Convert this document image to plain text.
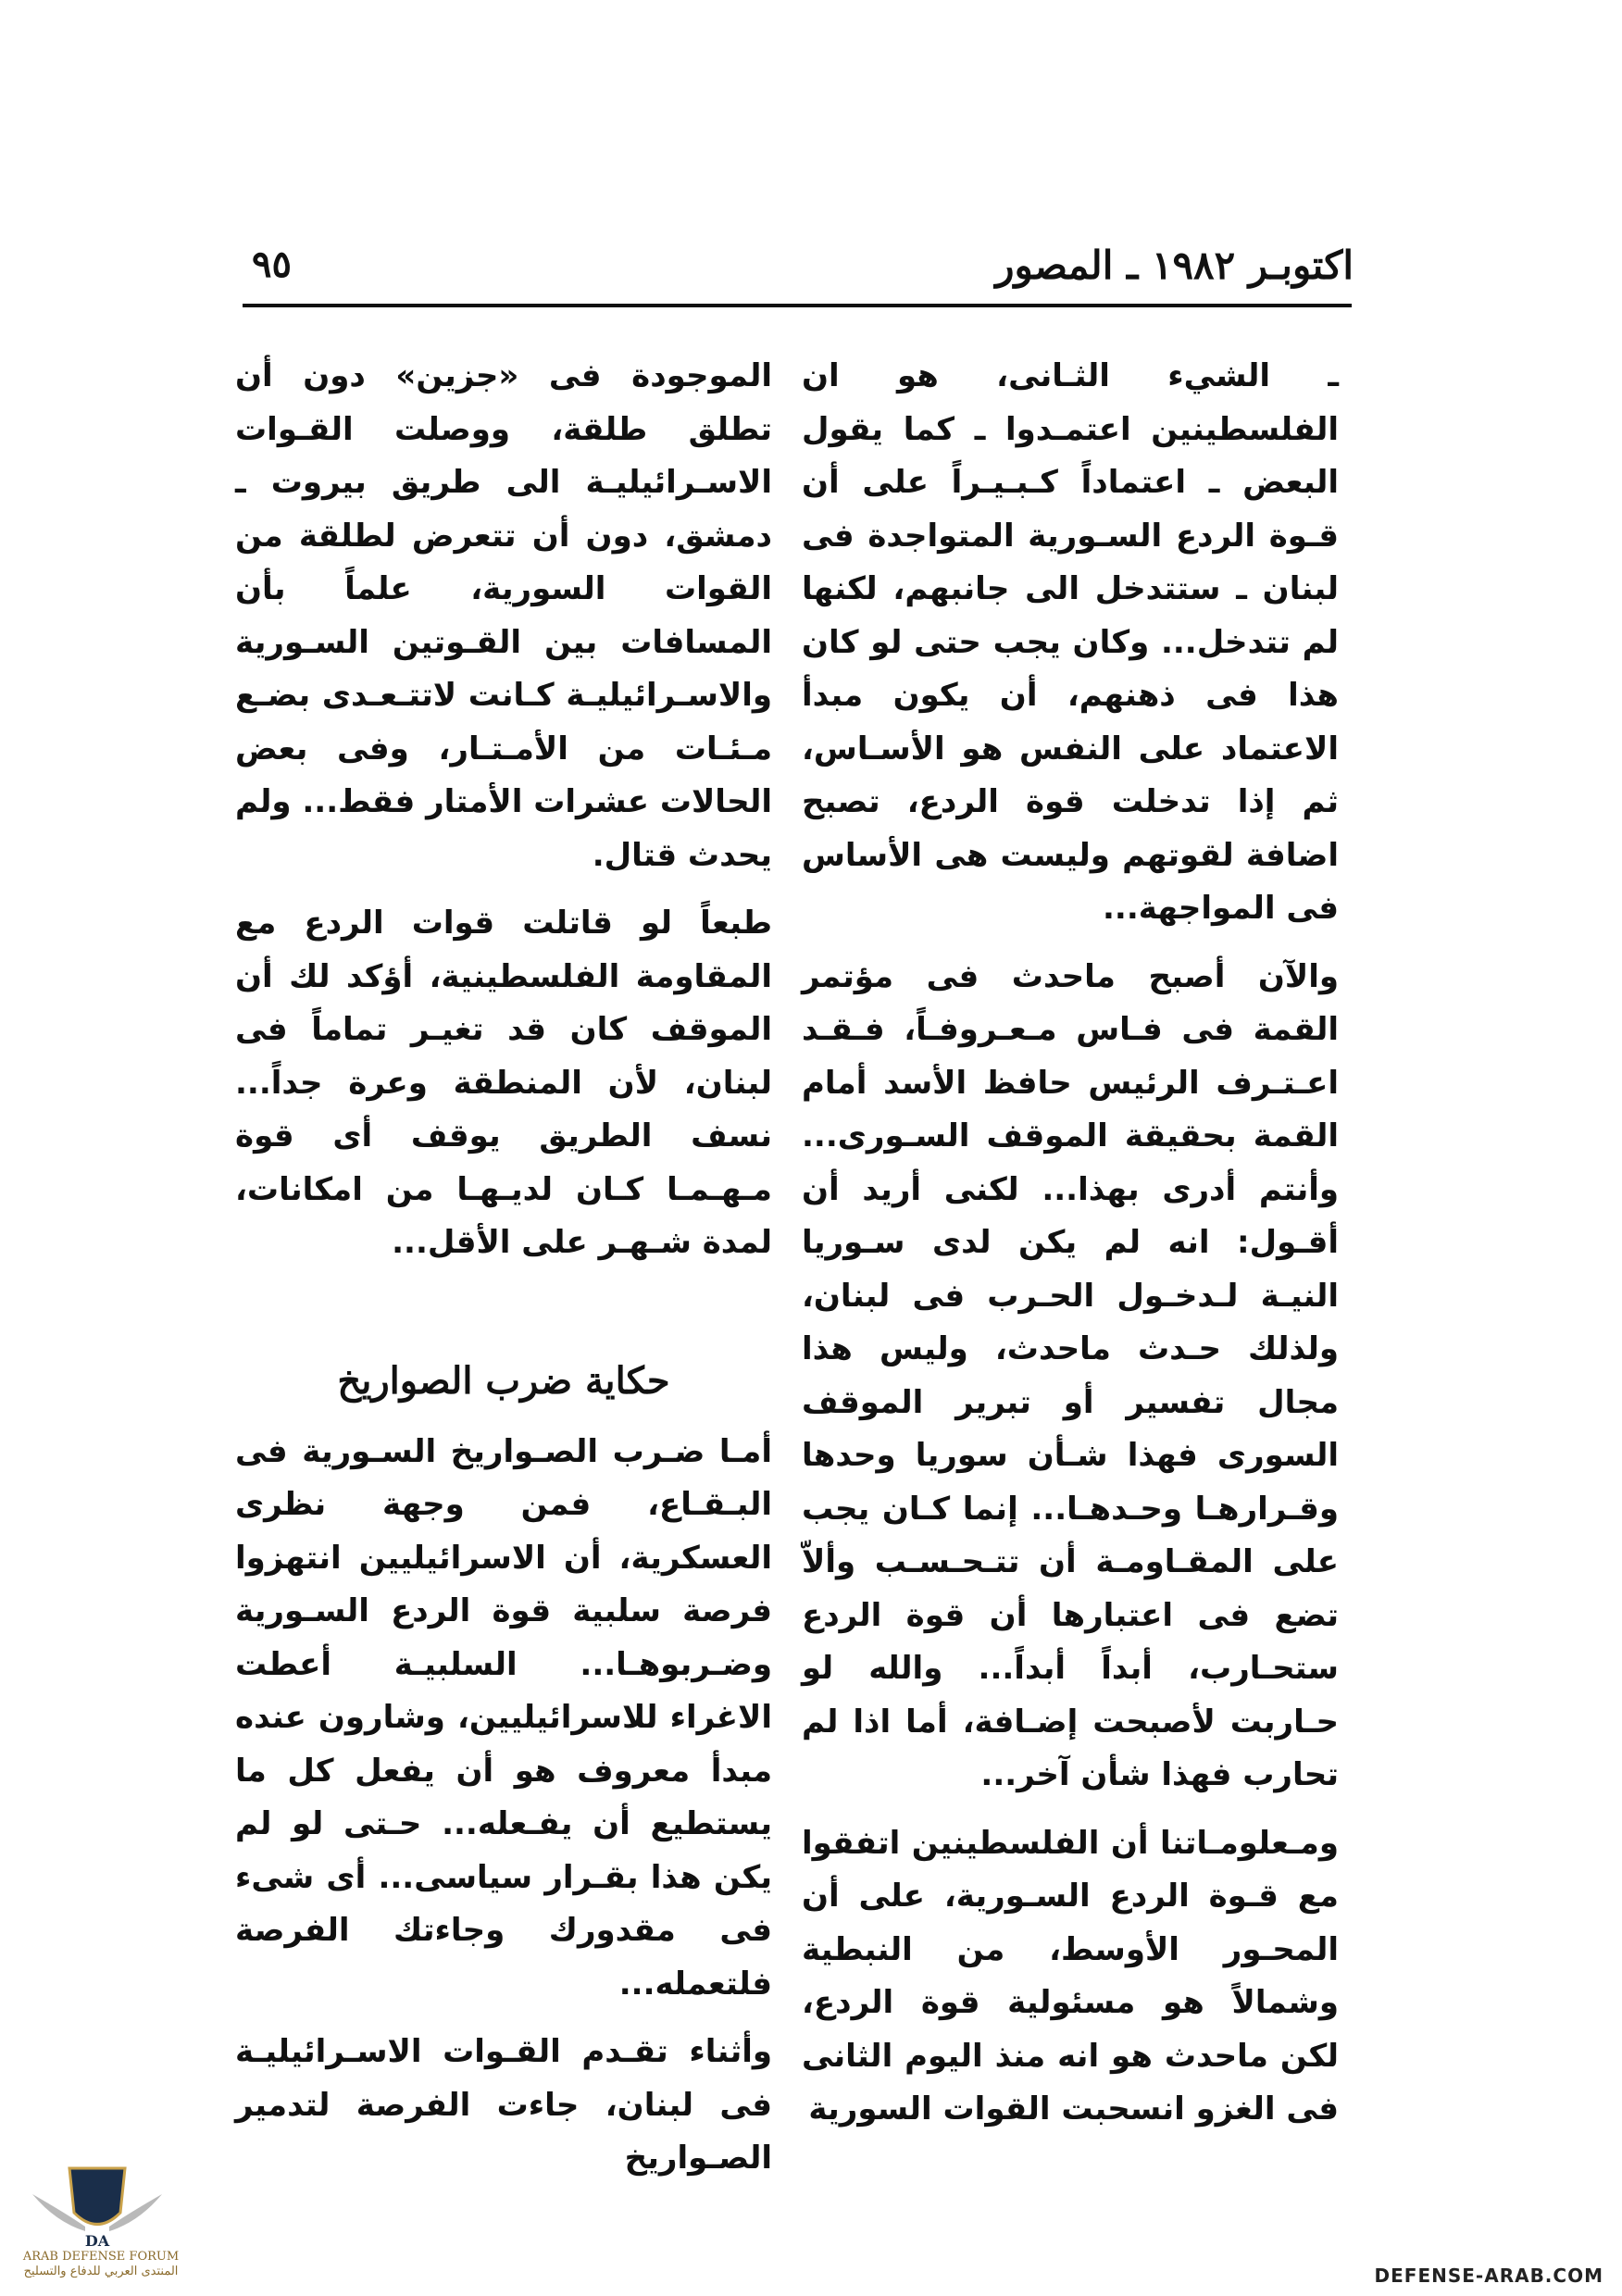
اكتوبـر ١٩٨٢ ـ المصور
٩٥

ـ الشيء الثـانى، هو ان الفلسطينين اعتمـدوا ـ كما يقول البعض ـ اعتماداً كـبـيـراً على أن قـوة الردع السـورية المتواجدة فى لبنان ـ ستتدخل الى جانبهم، لكنها لم تتدخل... وكان يجب حتى لو كان هذا فى ذهنهم، أن يكون مبدأ الاعتماد على النفس هو الأسـاس، ثم إذا تدخلت قوة الردع، تصبح اضافة لقوتهم وليست هى الأساس فى المواجهة...

والآن أصبح ماحدث فى مؤتمر القمة فى فـاس مـعـروفـاً، فـقـد اعـتـرف الرئيس حافظ الأسد أمام القمة بحقيقة الموقف السـورى... وأنتم أدرى بهذا... لكنى أريد أن أقـول: انه لم يكن لدى سـوريا النيـة لـدخـول الحـرب فى لبنان، ولذلك حـدث ماحدث، وليس هذا مجال تفسير أو تبرير الموقف السورى فهذا شـأن سوريا وحدها وقـرارهـا وحـدهـا... إنما كـان يجب على المقـاومـة أن تتـحـسـب وألاّ تضع فى اعتبارها أن قوة الردع ستحـارب، أبداً أبداً... والله لو حـاربت لأصبحت إضـافة، أما اذا لم تحارب فهذا شأن آخر...

ومـعلومـاتنا أن الفلسطينين اتفقوا مع قـوة الردع السـورية، على أن المحـور الأوسط، من النبطية وشمالاً هو مسئولية قوة الردع، لكن ماحدث هو انه منذ اليوم الثانى فى الغزو انسحبت القوات السورية

الموجودة فى «جزين» دون أن تطلق طلقة، ووصلت القـوات الاسـرائيليـة الى طريق بيروت ـ دمشق، دون أن تتعرض لطلقة من القوات السورية، علماً بأن المسافات بين القـوتين السـورية والاسـرائيليـة كـانت لاتتـعـدى بضـع مـئـات من الأمـتـار، وفى بعض الحالات عشرات الأمتار فقط... ولم يحدث قتال.

طبعاً لو قاتلت قوات الردع مع المقاومة الفلسطينية، أؤكد لك أن الموقف كان قد تغيـر تماماً فى لبنان، لأن المنطقة وعرة جداً... نسف الطريق يوقف أى قوة مـهـمـا كـان لديـهـا من امكانات، لمدة شـهـر على الأقل...

حكاية ضرب الصواريخ

أمـا ضـرب الصـواريخ السـورية فى البـقـاع، فمن وجهة نظرى العسكرية، أن الاسرائيليين انتهزوا فرصة سلبية قوة الردع السـورية وضـربوهـا... السلبيـة أعطت الاغراء للاسرائيليين، وشارون عنده مبدأ معروف هو أن يفعل كل ما يستطيع أن يفـعله... حـتى لو لم يكن هذا بقـرار سياسى... أى شىء فى مقدورك وجاءتك الفرصة فلتعمله...

وأثناء تقـدم القـوات الاسـرائيليـة فى لبنان، جاءت الفرصة لتدمير الصـواريخ

DA
ARAB DEFENSE FORUM
المنتدى العربي للدفاع والتسليح	DEFENSE-ARAB.COM
